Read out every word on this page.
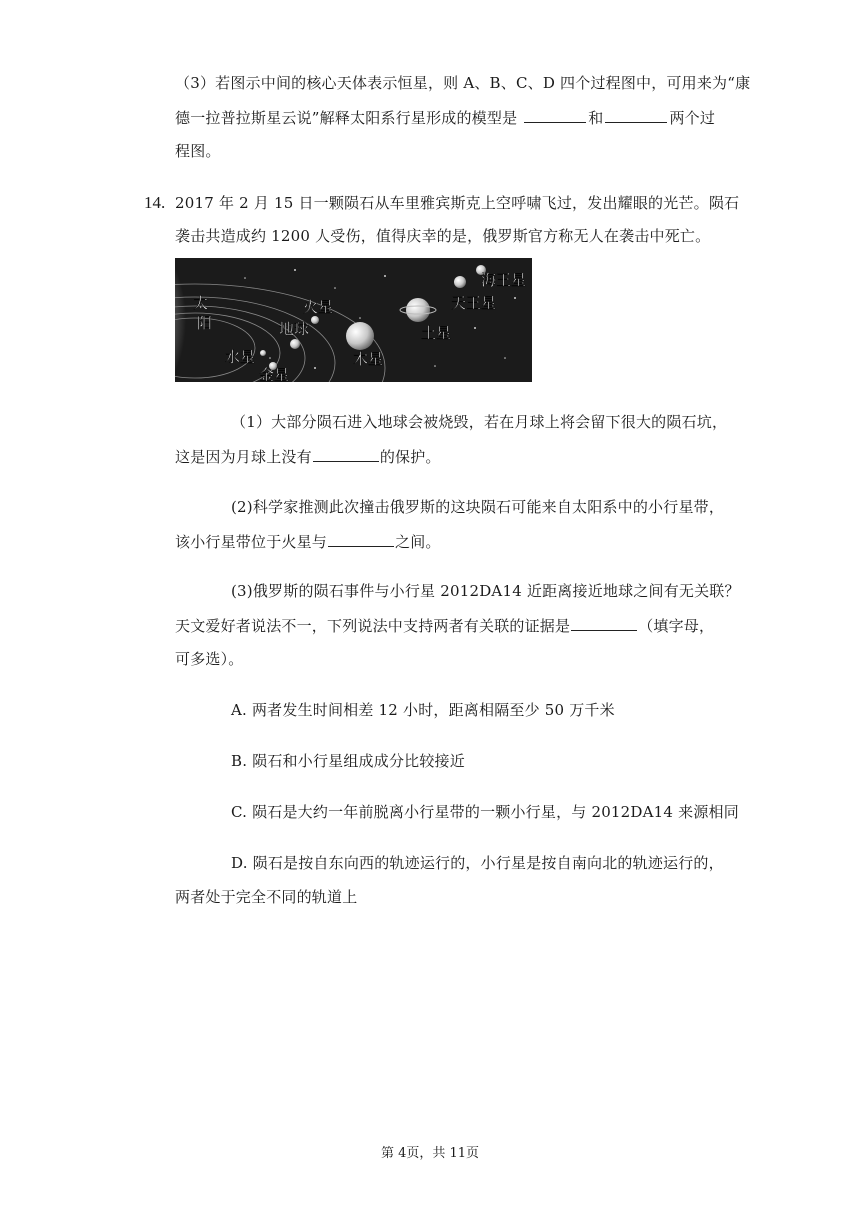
（3）若图示中间的核心天体表示恒星，则 A、B、C、D 四个过程图中，可用来为“康
德一拉普拉斯星云说”解释太阳系行星形成的模型是	和	两个过
程图。
14. 2017 年 2 月 15 日一颗陨石从车里雅宾斯克上空呼啸飞过，发出耀眼的光芒。陨石
袭击共造成约 1200 人受伤，值得庆幸的是，俄罗斯官方称无人在袭击中死亡。
太
阳
水星
金星
地球
火星
木星
土星
天王星
海王星
（1）大部分陨石进入地球会被烧毁，若在月球上将会留下很大的陨石坑，
这是因为月球上没有	的保护。
(2)科学家推测此次撞击俄罗斯的这块陨石可能来自太阳系中的小行星带，
该小行星带位于火星与	之间。
(3)俄罗斯的陨石事件与小行星 2012DA14 近距离接近地球之间有无关联？
天文爱好者说法不一，下列说法中支持两者有关联的证据是	（填字母，
可多选）。
A. 两者发生时间相差 12 小时，距离相隔至少 50 万千米
B. 陨石和小行星组成成分比较接近
C. 陨石是大约一年前脱离小行星带的一颗小行星，与 2012DA14 来源相同
D. 陨石是按自东向西的轨迹运行的，小行星是按自南向北的轨迹运行的，
两者处于完全不同的轨道上
第 4页，共 11页
